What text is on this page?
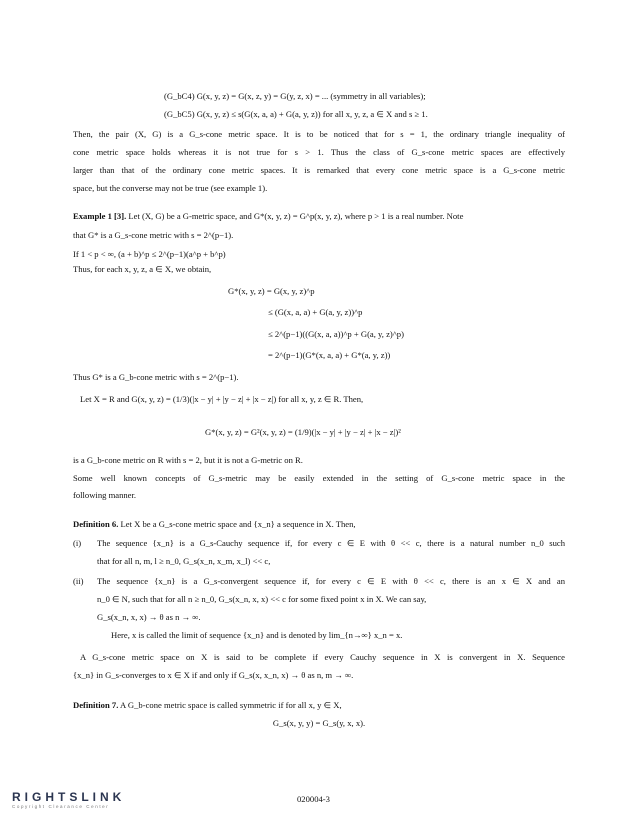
(G_bC4) G(x, y, z) = G(x, z, y) = G(y, z, x) = ... (symmetry in all variables);
(G_bC5) G(x, y, z) ≤ s(G(x, a, a) + G(a, y, z)) for all x, y, z, a ∈ X and s ≥ 1.
Then, the pair (X, G) is a G_s-cone metric space. It is to be noticed that for s = 1, the ordinary triangle inequality of
cone metric space holds whereas it is not true for s > 1. Thus the class of G_s-cone metric spaces are effectively
larger than that of the ordinary cone metric spaces. It is remarked that every cone metric space is a G_s-cone metric
space, but the converse may not be true (see example 1).
Example 1 [3]. Let (X, G) be a G-metric space, and G*(x, y, z) = G^p(x, y, z), where p > 1 is a real number. Note
that G* is a G_s-cone metric with s = 2^(p−1).
If 1 < p < ∞, (a + b)^p ≤ 2^(p−1)(a^p + b^p)
Thus, for each x, y, z, a ∈ X, we obtain,
G*(x, y, z) = G(x, y, z)^p
≤ (G(x, a, a) + G(a, y, z))^p
≤ 2^(p−1)((G(x, a, a))^p + G(a, y, z)^p)
= 2^(p−1)(G*(x, a, a) + G*(a, y, z))
Thus G* is a G_b-cone metric with s = 2^(p−1).
Let X = R and G(x, y, z) = (1/3)(|x − y| + |y − z| + |x − z|) for all x, y, z ∈ R. Then,
G*(x, y, z) = G²(x, y, z) = (1/9)(|x − y| + |y − z| + |x − z|)²
is a G_b-cone metric on R with s = 2, but it is not a G-metric on R.
Some well known concepts of G_s-metric may be easily extended in the setting of G_s-cone metric space in the
following manner.
Definition 6. Let X be a G_s-cone metric space and {x_n} a sequence in X. Then,
(i)	The sequence {x_n} is a G_s-Cauchy sequence if, for every c ∈ E with θ << c, there is a natural number n_0 such
that for all n, m, l ≥ n_0, G_s(x_n, x_m, x_l) << c,
(ii)	The sequence {x_n} is a G_s-convergent sequence if, for every c ∈ E with θ << c, there is an x ∈ X and an
n_0 ∈ N, such that for all n ≥ n_0, G_s(x_n, x, x) << c for some fixed point x in X. We can say,
G_s(x_n, x, x) → θ as n → ∞.
Here, x is called the limit of sequence {x_n} and is denoted by lim_{n→∞} x_n = x.
A G_s-cone metric space on X is said to be complete if every Cauchy sequence in X is convergent in X. Sequence
{x_n} in G_s-converges to x ∈ X if and only if G_s(x, x_n, x) → θ as n, m → ∞.
Definition 7. A G_b-cone metric space is called symmetric if for all x, y ∈ X,
G_s(x, y, y) = G_s(y, x, x).
RIGHTSLINK
Copyright Clearance Center
020004-3
